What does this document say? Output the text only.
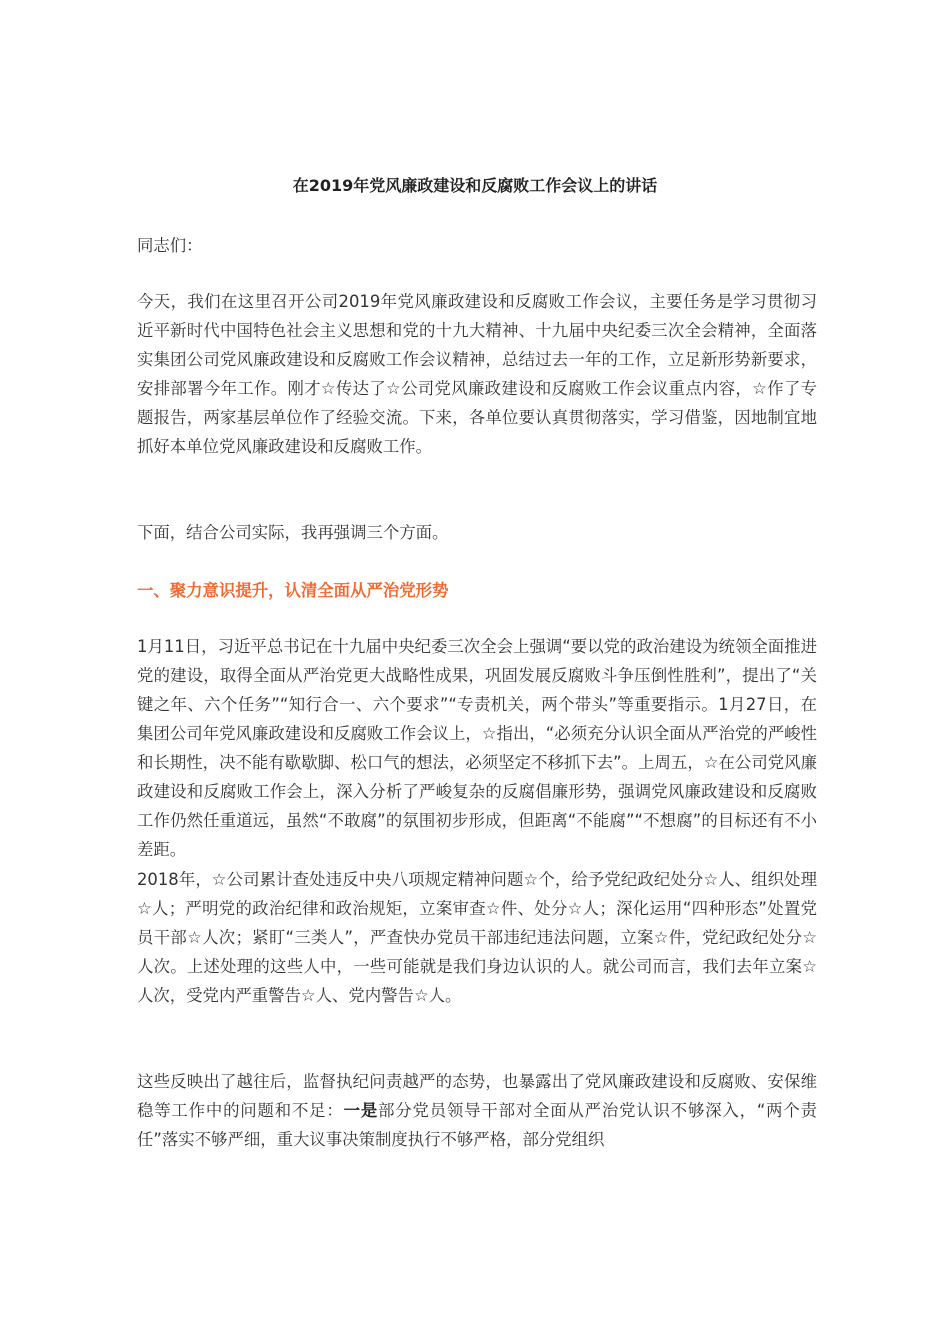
在2019年党风廉政建设和反腐败工作会议上的讲话

同志们：

今天，我们在这里召开公司2019年党风廉政建设和反腐败工作会议，主要任务是学习贯彻习近平新时代中国特色社会主义思想和党的十九大精神、十九届中央纪委三次全会精神，全面落实集团公司党风廉政建设和反腐败工作会议精神，总结过去一年的工作，立足新形势新要求，安排部署今年工作。刚才☆传达了☆公司党风廉政建设和反腐败工作会议重点内容，☆作了专题报告，两家基层单位作了经验交流。下来，各单位要认真贯彻落实，学习借鉴，因地制宜地抓好本单位党风廉政建设和反腐败工作。

下面，结合公司实际，我再强调三个方面。

一、聚力意识提升，认清全面从严治党形势

1月11日，习近平总书记在十九届中央纪委三次全会上强调“要以党的政治建设为统领全面推进党的建设，取得全面从严治党更大战略性成果，巩固发展反腐败斗争压倒性胜利”，提出了“关键之年、六个任务”“知行合一、六个要求”“专责机关，两个带头”等重要指示。1月27日，在集团公司年党风廉政建设和反腐败工作会议上，☆指出，“必须充分认识全面从严治党的严峻性和长期性，决不能有歇歇脚、松口气的想法，必须坚定不移抓下去”。上周五，☆在公司党风廉政建设和反腐败工作会上，深入分析了严峻复杂的反腐倡廉形势，强调党风廉政建设和反腐败工作仍然任重道远，虽然“不敢腐”的氛围初步形成，但距离“不能腐”“不想腐”的目标还有不小差距。

2018年，☆公司累计查处违反中央八项规定精神问题☆个，给予党纪政纪处分☆人、组织处理☆人；严明党的政治纪律和政治规矩，立案审查☆件、处分☆人；深化运用“四种形态”处置党员干部☆人次；紧盯“三类人”，严查快办党员干部违纪违法问题，立案☆件，党纪政纪处分☆人次。上述处理的这些人中，一些可能就是我们身边认识的人。就公司而言，我们去年立案☆人次，受党内严重警告☆人、党内警告☆人。

这些反映出了越往后，监督执纪问责越严的态势，也暴露出了党风廉政建设和反腐败、安保维稳等工作中的问题和不足：一是部分党员领导干部对全面从严治党认识不够深入，“两个责任”落实不够严细，重大议事决策制度执行不够严格，部分党组织
